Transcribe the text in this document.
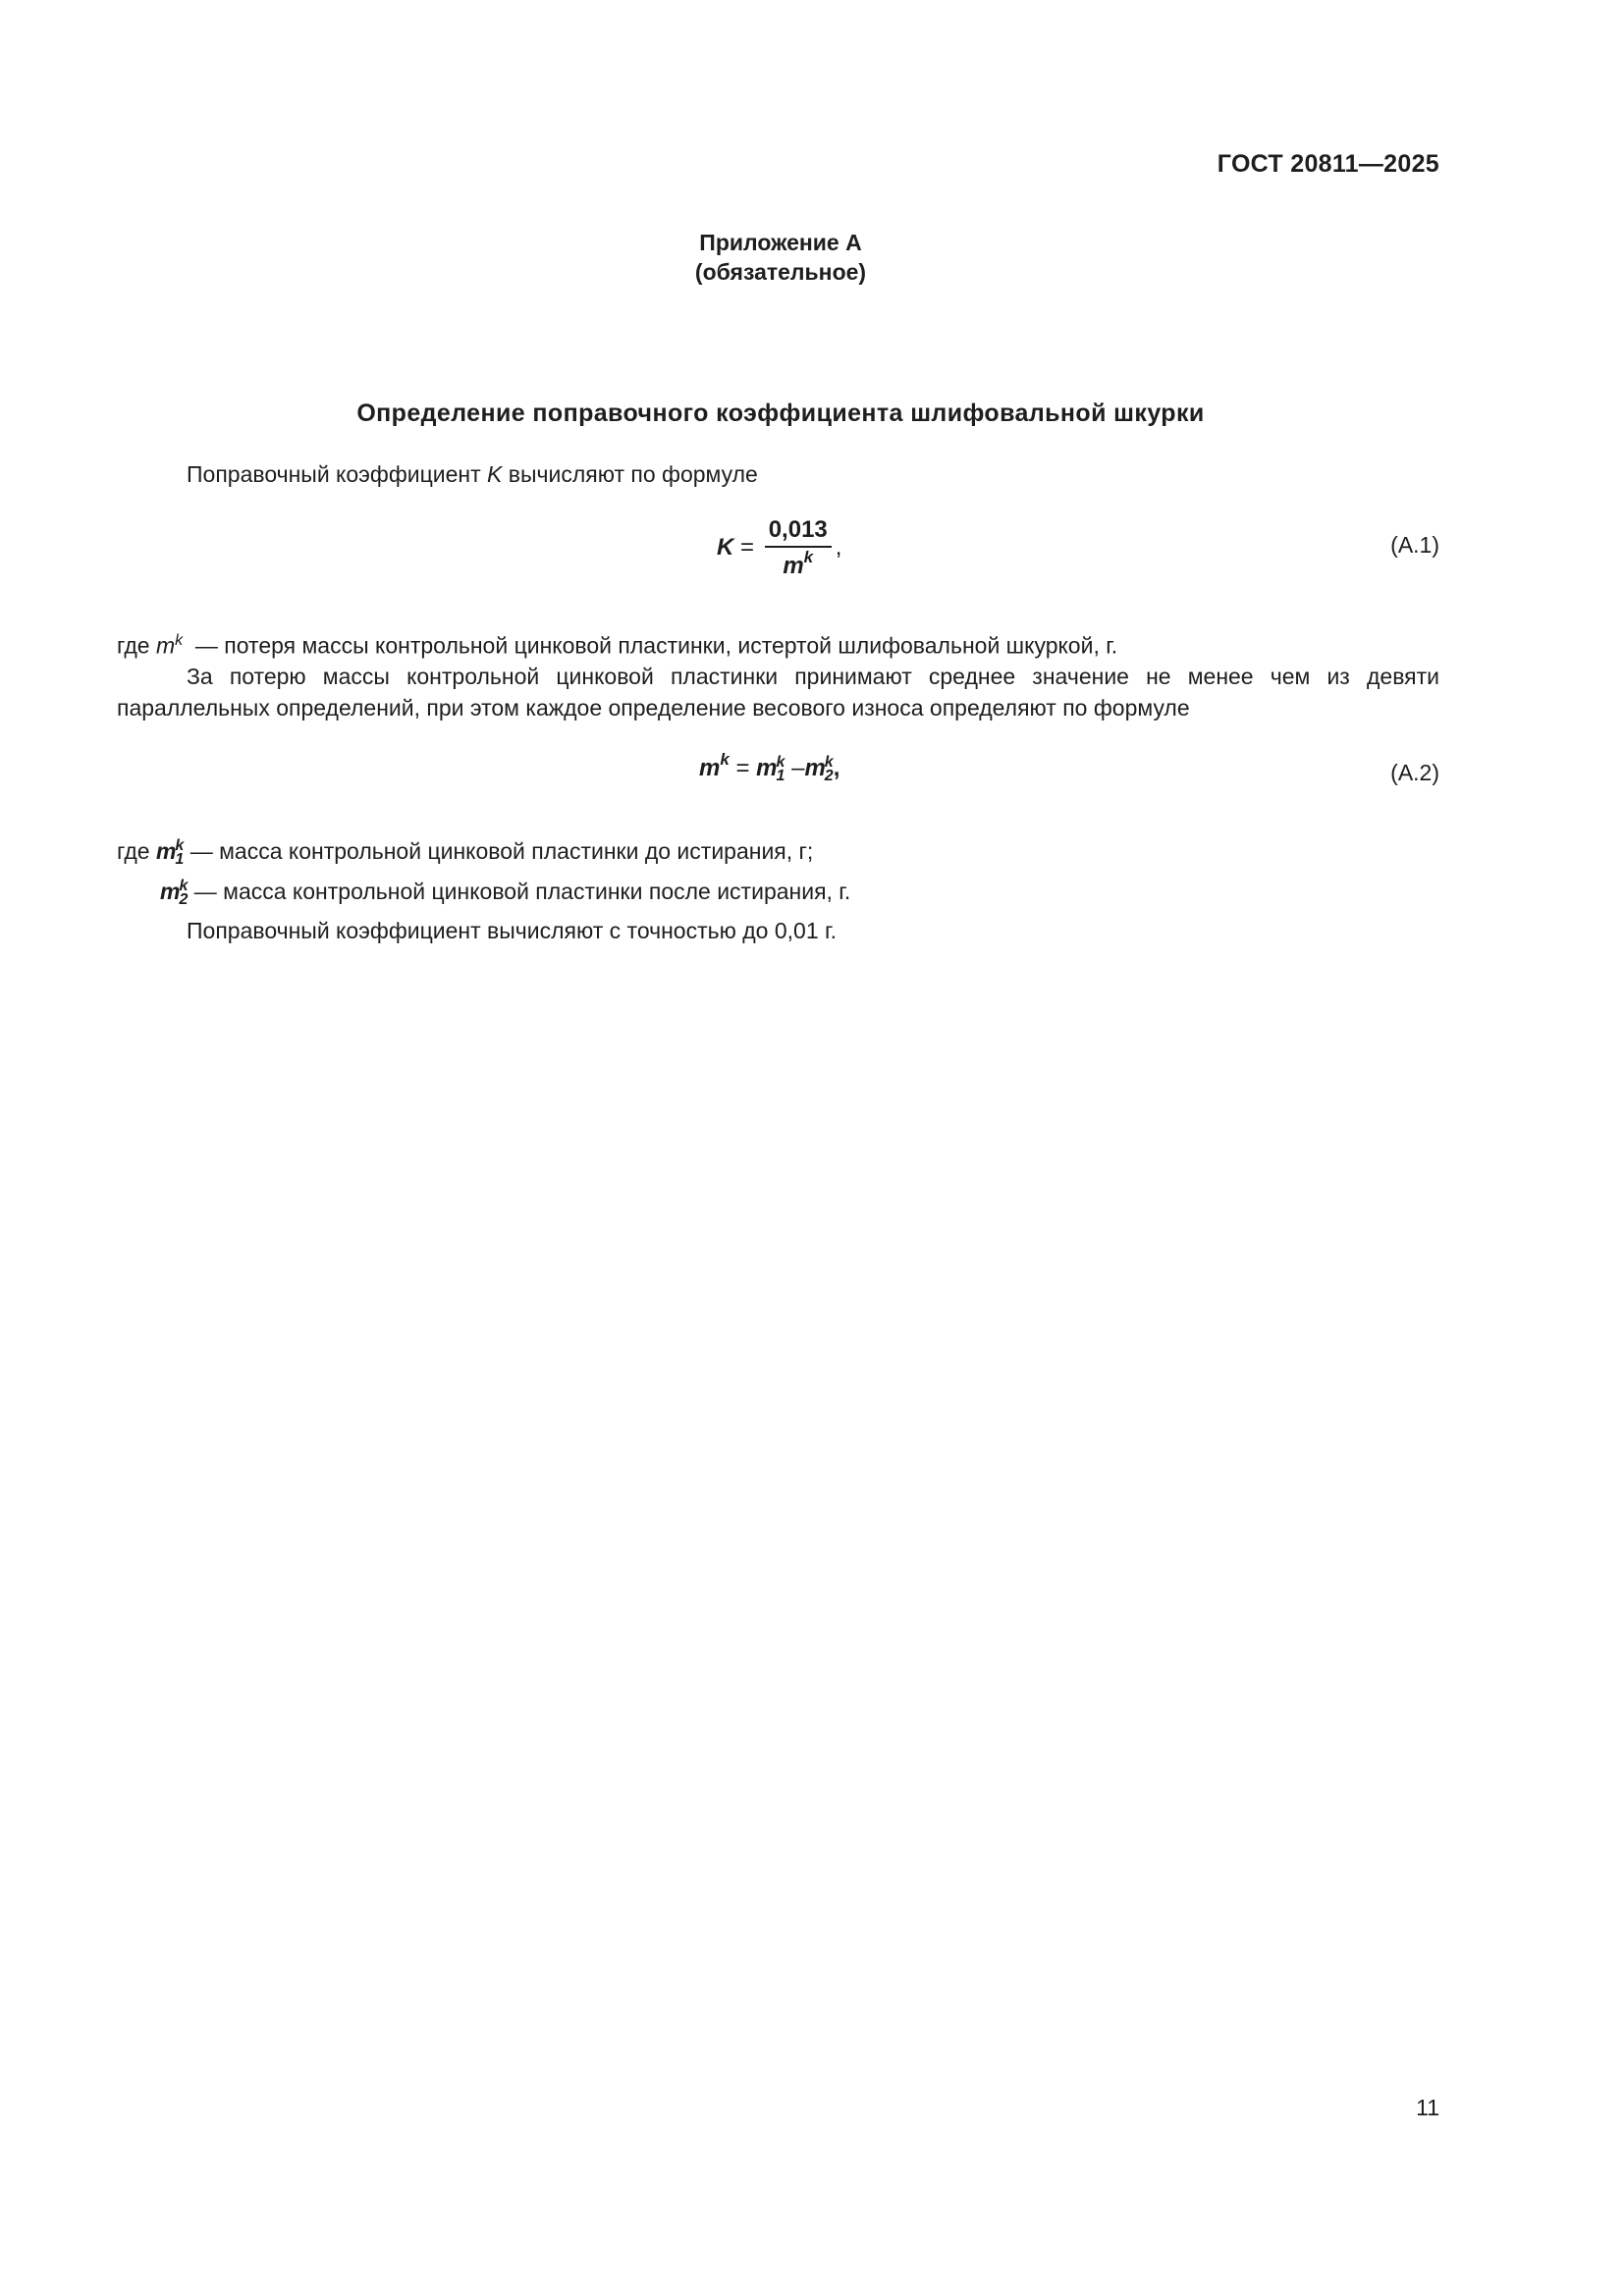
ГОСТ 20811—2025
Приложение А
(обязательное)
Определение поправочного коэффициента шлифовальной шкурки
Поправочный коэффициент K вычисляют по формуле
$K = \frac{0,013}{m^k}$ ,	(А.1)
где $m^k$ — потеря массы контрольной цинковой пластинки, истертой шлифовальной шкуркой, г.
За потерю массы контрольной цинковой пластинки принимают среднее значение не менее чем из девяти
параллельных определений, при этом каждое определение весового износа определяют по формуле
$m^k = m$ k
1 –m k
2 ,	(А.2)
где m k
1 — масса контрольной цинковой пластинки до истирания, г;
m k
2 — масса контрольной цинковой пластинки после истирания, г.
Поправочный коэффициент вычисляют с точностью до 0,01 г.
11
